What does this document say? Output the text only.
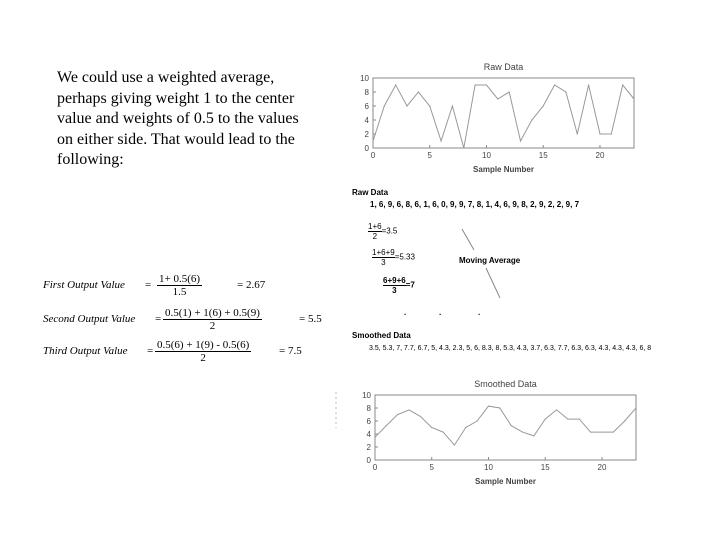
We could use a weighted average, perhaps giving weight 1 to the center value and weights of 0.5 to the values on either side. That would lead to the following:
First Output Value = $\frac{1+ 0.5(6)}{1.5}$	= 2.67
Second Output Value = $\frac{0.5(1) + 1(6) + 0.5(9)}{2}$	= 5.5
Third Output Value = $\frac{0.5(6) + 1(9) - 0.5(6)}{2}$	= 7.5
Raw Data
1, 6, 9, 6, 8, 6, 1, 6, 0, 9, 9, 7, 8, 1, 4, 6, 9, 8, 2, 9, 2, 2, 9, 7
$\frac{1+6}{2} =3.5$
$\frac{1+6+9}{3} =5.33$
$\frac{6+9+6}{3} =7$
Moving Average
.	.	.
Smoothed Data
3.5, 5.3, 7, 7.7, 6.7, 5, 4.3, 2.3, 5, 6, 8.3, 8, 5.3, 4.3, 3.7, 6.3, 7.7, 6.3, 6.3, 4.3, 4.3, 4.3, 6, 8
Raw Data
0
2
4
6
8
10
0	5	10	15	20
Sample Number
Smoothed Data
0
2
4
6
8
10
0	5	10	15	20
Sample Number
